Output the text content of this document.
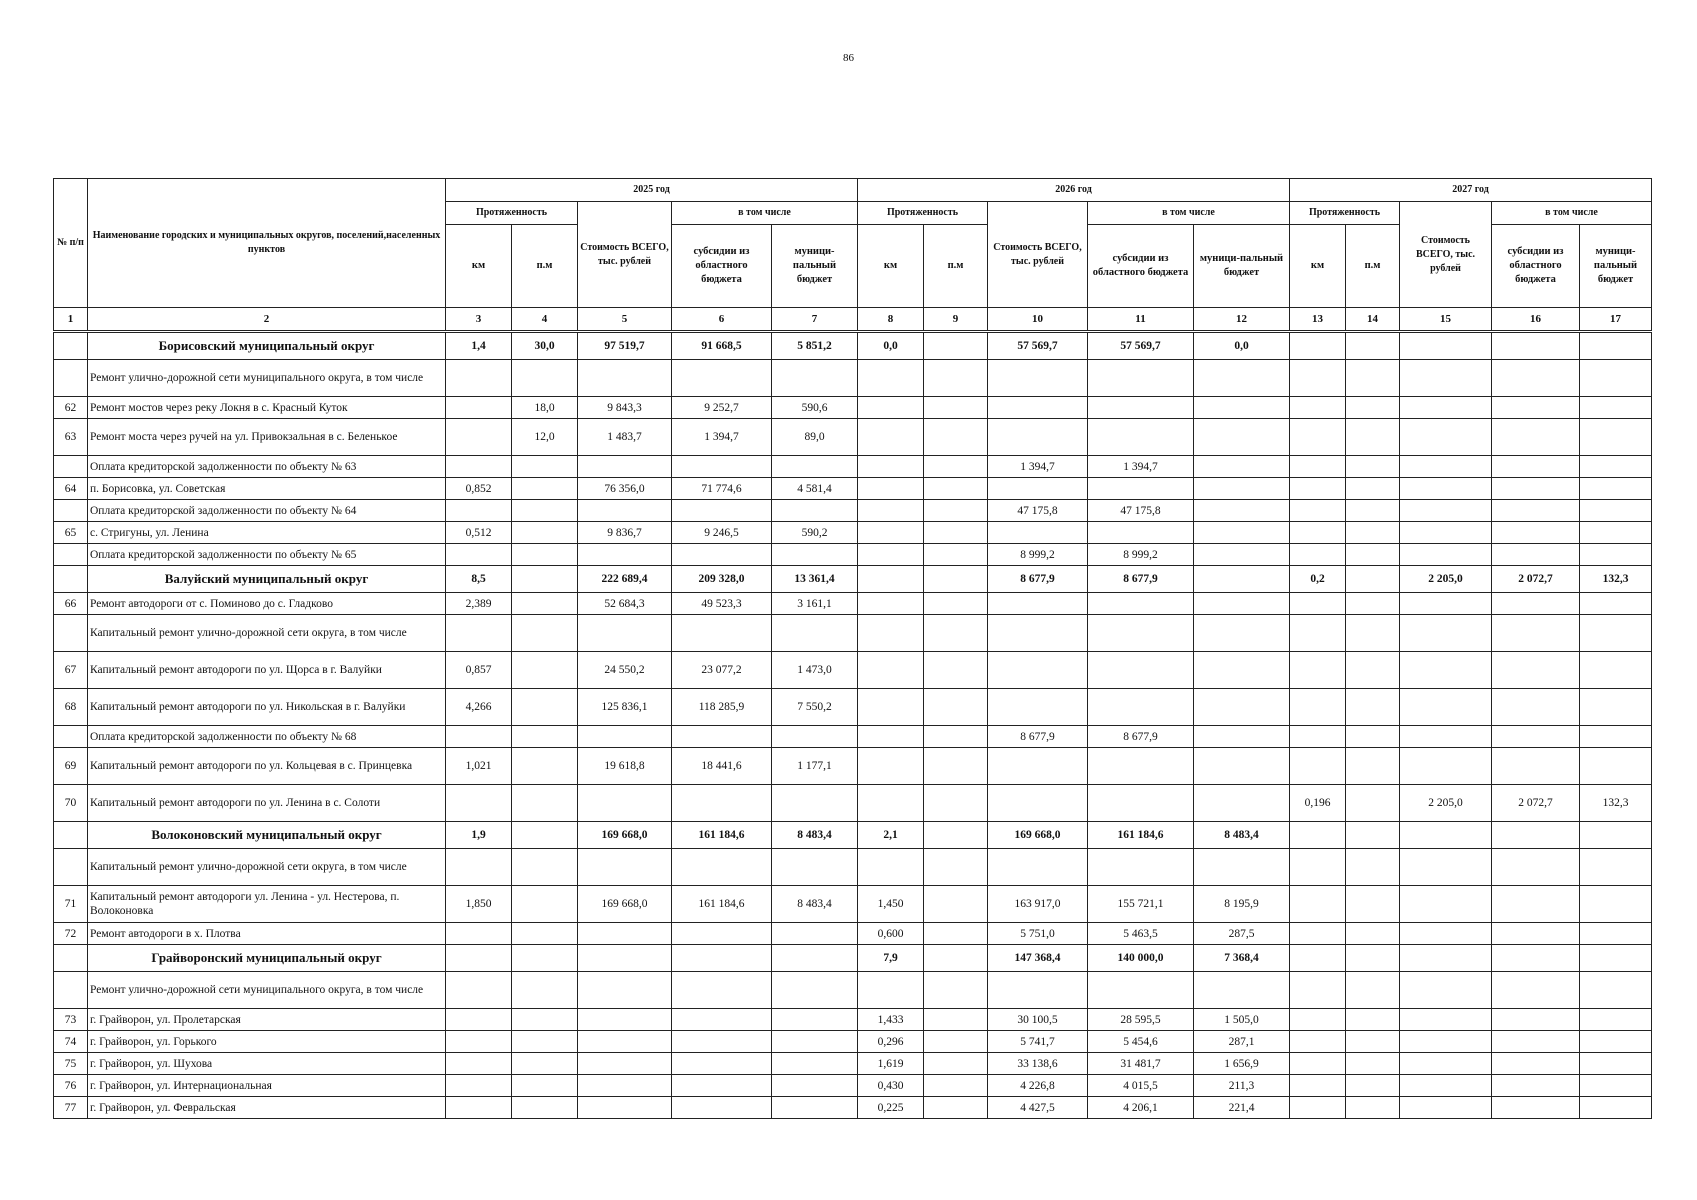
86
№ п/п	Наименование городских и муниципальных округов, поселений,населенных пунктов	2025 год					2026 год					2027 год				
		Протяженность		Стоимость ВСЕГО, тыс. рублей	в том числе		Протяженность		Стоимость ВСЕГО, тыс. рублей	в том числе		Протяженность		Стоимость ВСЕГО, тыс. рублей	в том числе	
		км	п.м		субсидии из областного бюджета	муници-пальный бюджет	км	п.м		субсидии из областного бюджета	муници-пальный бюджет	км	п.м		субсидии из областного бюджета	муници-пальный бюджет
1	2	3	4	5	6	7	8	9	10	11	12	13	14	15	16	17
	Борисовский муниципальный округ	1,4	30,0	97 519,7	91 668,5	5 851,2	0,0		57 569,7	57 569,7	0,0					
	Ремонт улично-дорожной сети муниципального округа, в том числе															
62	Ремонт мостов через реку Локня в с. Красный Куток		18,0	9 843,3	9 252,7	590,6										
63	Ремонт моста через ручей на ул. Привокзальная в с. Беленькое		12,0	1 483,7	1 394,7	89,0										
	Оплата кредиторской задолженности по объекту № 63								1 394,7	1 394,7						
64	п. Борисовка, ул. Советская	0,852		76 356,0	71 774,6	4 581,4										
	Оплата кредиторской задолженности по объекту № 64								47 175,8	47 175,8						
65	с. Стригуны, ул. Ленина	0,512		9 836,7	9 246,5	590,2										
	Оплата кредиторской задолженности по объекту № 65								8 999,2	8 999,2						
	Валуйский муниципальный округ	8,5		222 689,4	209 328,0	13 361,4			8 677,9	8 677,9		0,2		2 205,0	2 072,7	132,3
66	Ремонт автодороги от с. Поминово до с. Гладково	2,389		52 684,3	49 523,3	3 161,1										
	Капитальный ремонт улично-дорожной сети округа, в том числе															
67	Капитальный ремонт автодороги по ул. Щорса в г. Валуйки	0,857		24 550,2	23 077,2	1 473,0										
68	Капитальный ремонт автодороги по ул. Никольская в г. Валуйки	4,266		125 836,1	118 285,9	7 550,2										
	Оплата кредиторской задолженности по объекту № 68								8 677,9	8 677,9						
69	Капитальный ремонт автодороги по ул. Кольцевая в с. Принцевка	1,021		19 618,8	18 441,6	1 177,1										
70	Капитальный ремонт автодороги по ул. Ленина в с. Солоти											0,196		2 205,0	2 072,7	132,3
	Волоконовский муниципальный округ	1,9		169 668,0	161 184,6	8 483,4	2,1		169 668,0	161 184,6	8 483,4					
	Капитальный ремонт улично-дорожной сети округа, в том числе															
71	Капитальный ремонт автодороги ул. Ленина - ул. Нестерова, п. Волоконовка	1,850		169 668,0	161 184,6	8 483,4	1,450		163 917,0	155 721,1	8 195,9					
72	Ремонт автодороги в х. Плотва						0,600		5 751,0	5 463,5	287,5					
	Грайворонский муниципальный округ						7,9		147 368,4	140 000,0	7 368,4					
	Ремонт улично-дорожной сети муниципального округа, в том числе															
73	г. Грайворон, ул. Пролетарская						1,433		30 100,5	28 595,5	1 505,0					
74	г. Грайворон, ул. Горького						0,296		5 741,7	5 454,6	287,1					
75	г. Грайворон, ул. Шухова						1,619		33 138,6	31 481,7	1 656,9					
76	г. Грайворон, ул. Интернациональная						0,430		4 226,8	4 015,5	211,3					
77	г. Грайворон, ул. Февральская						0,225		4 427,5	4 206,1	221,4					
